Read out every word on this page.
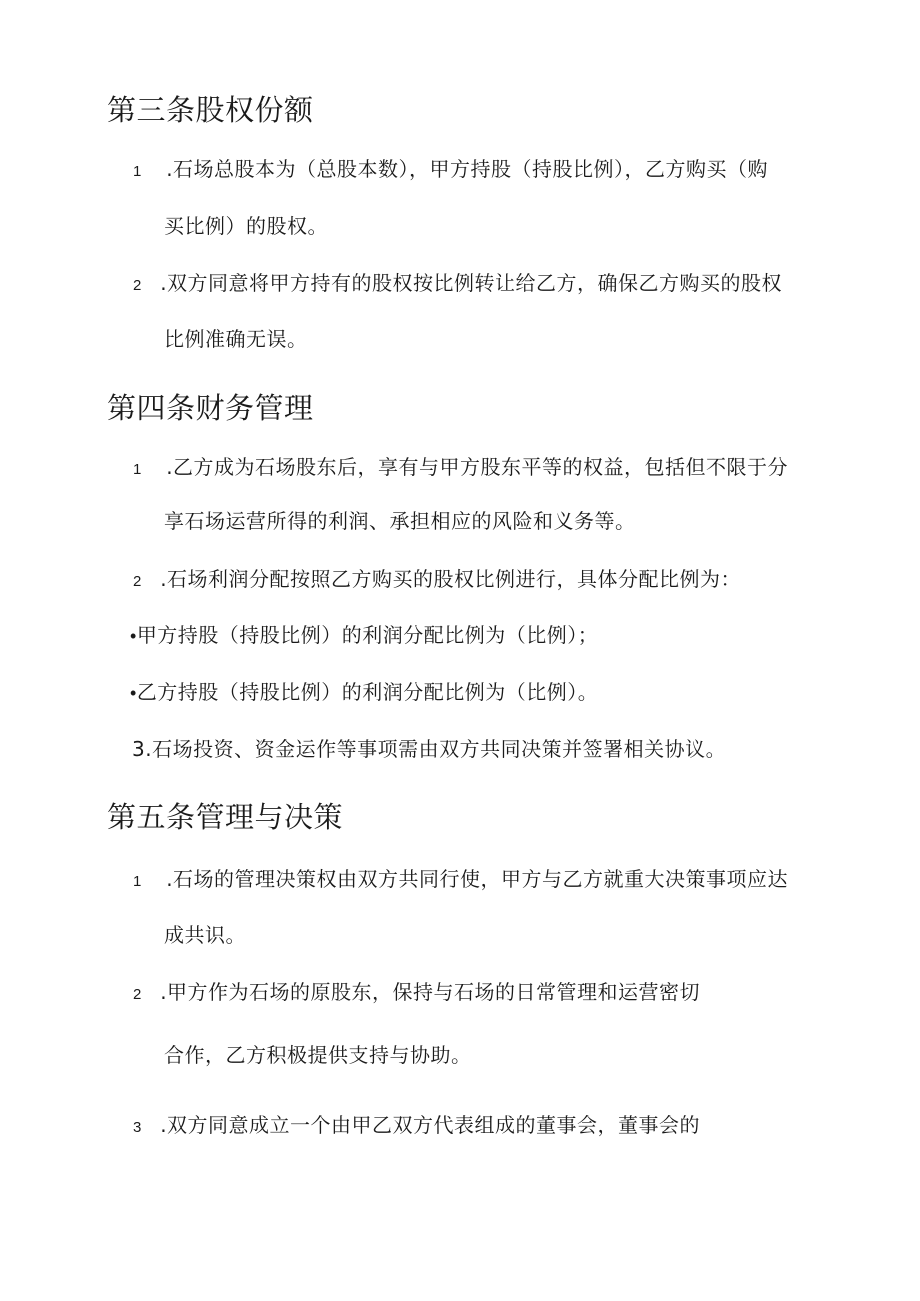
第三条股权份额
1 .石场总股本为（总股本数），甲方持股（持股比例），乙方购买（购
买比例）的股权。
2 .双方同意将甲方持有的股权按比例转让给乙方，确保乙方购买的股权
比例准确无误。
第四条财务管理
1 .乙方成为石场股东后，享有与甲方股东平等的权益，包括但不限于分
享石场运营所得的利润、承担相应的风险和义务等。
2 .石场利润分配按照乙方购买的股权比例进行，具体分配比例为：
•甲方持股（持股比例）的利润分配比例为（比例）；
•乙方持股（持股比例）的利润分配比例为（比例）。
3.石场投资、资金运作等事项需由双方共同决策并签署相关协议。
第五条管理与决策
1 .石场的管理决策权由双方共同行使，甲方与乙方就重大决策事项应达
成共识。
2 .甲方作为石场的原股东，保持与石场的日常管理和运营密切
合作，乙方积极提供支持与协助。
3 .双方同意成立一个由甲乙双方代表组成的董事会，董事会的
